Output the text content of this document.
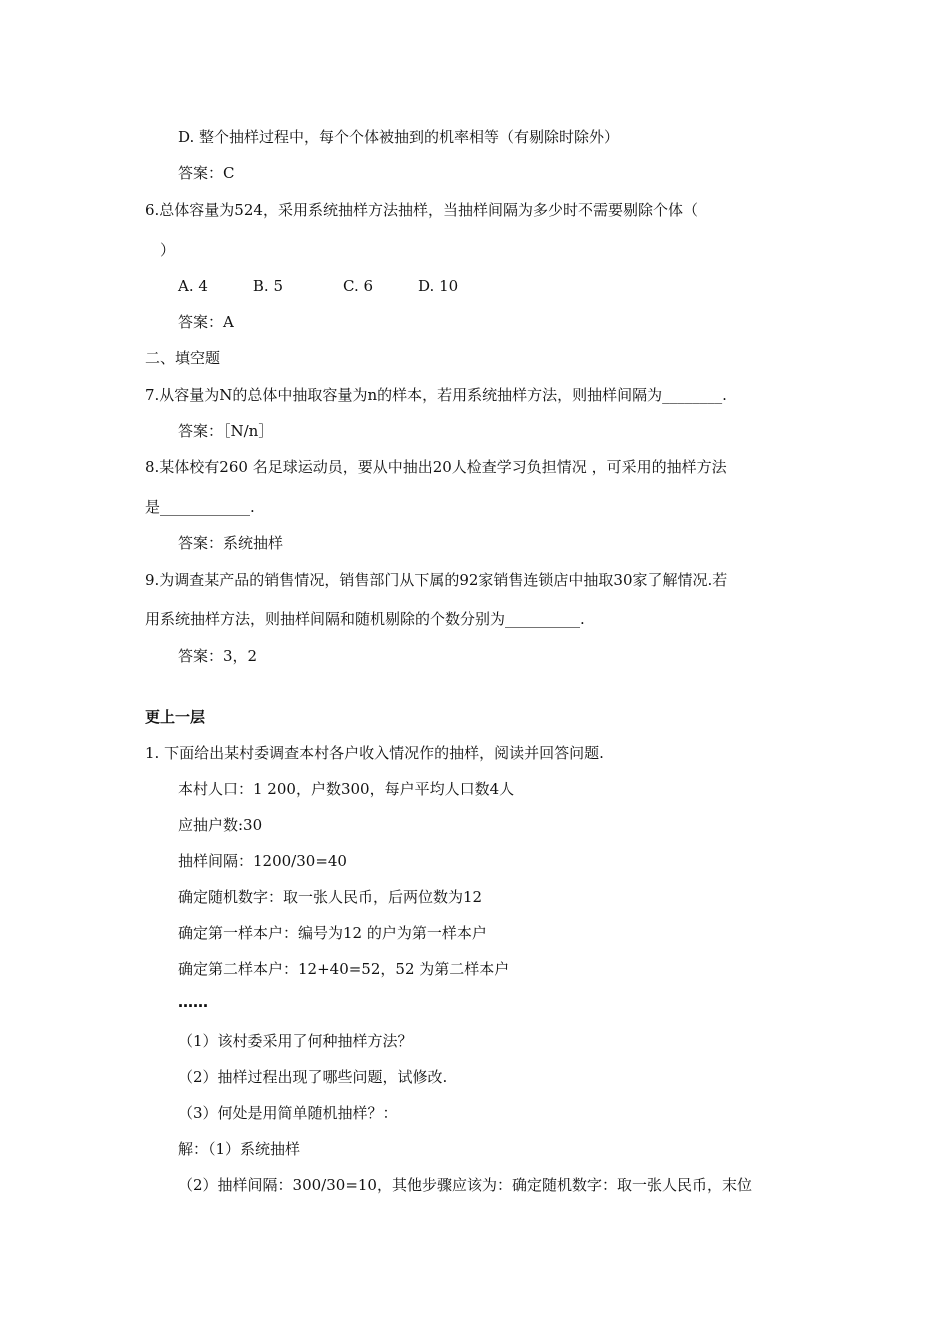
D. 整个抽样过程中，每个个体被抽到的机率相等（有剔除时除外）
答案：C
6.总体容量为524，采用系统抽样方法抽样，当抽样间隔为多少时不需要剔除个体（
）
A. 4　　　B. 5　　　　C. 6　　　D. 10
答案：A
二、填空题
7.从容量为N的总体中抽取容量为n的样本，若用系统抽样方法，则抽样间隔为________.
答案：［N/n］
8.某体校有260 名足球运动员，要从中抽出20人检查学习负担情况 ，可采用的抽样方法
是____________.
答案：系统抽样
9.为调查某产品的销售情况，销售部门从下属的92家销售连锁店中抽取30家了解情况.若
用系统抽样方法，则抽样间隔和随机剔除的个数分别为__________.
答案：3，2
更上一层
1. 下面给出某村委调查本村各户收入情况作的抽样，阅读并回答问题.
本村人口：1 200，户数300，每户平均人口数4人
应抽户数:30
抽样间隔：1200/30=40
确定随机数字：取一张人民币，后两位数为12
确定第一样本户：编号为12 的户为第一样本户
确定第二样本户：12+40=52，52 为第二样本户
……
（1）该村委采用了何种抽样方法？
（2）抽样过程出现了哪些问题，试修改.
（3）何处是用简单随机抽样？：
解：（1）系统抽样
（2）抽样间隔：300/30=10，其他步骤应该为：确定随机数字：取一张人民币，末位
